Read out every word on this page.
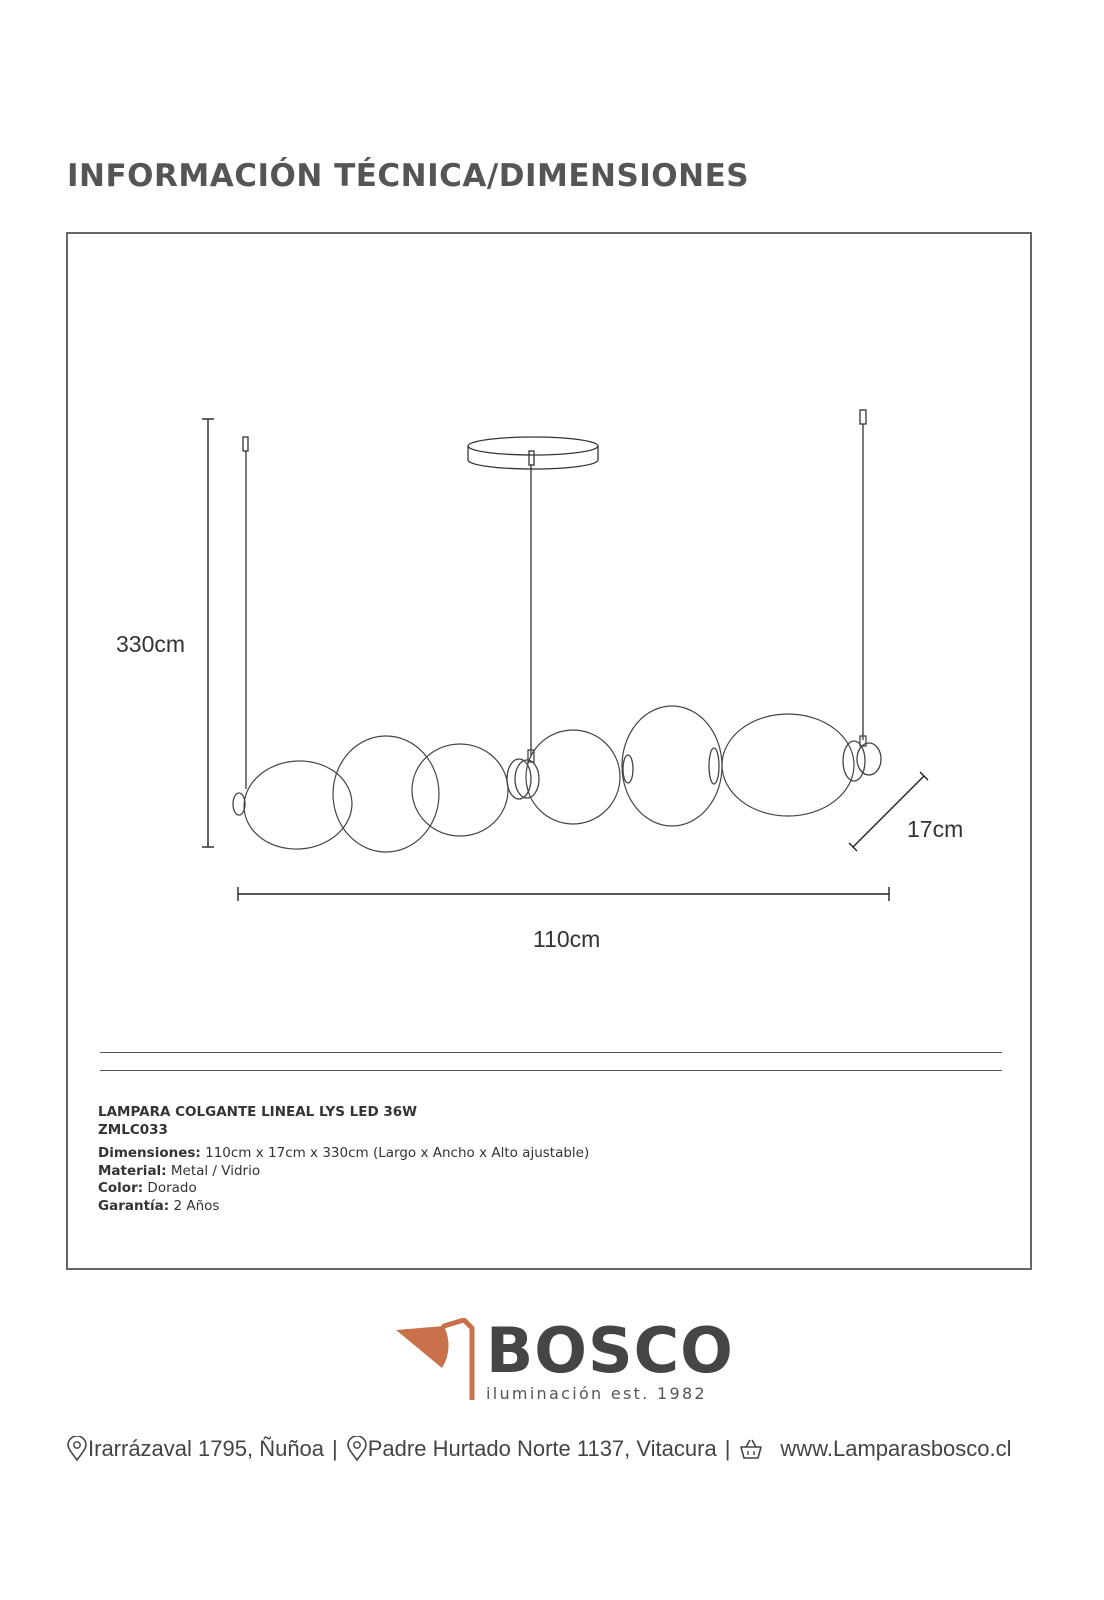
INFORMACIÓN TÉCNICA/DIMENSIONES
330cm
17cm
110cm
LAMPARA COLGANTE LINEAL LYS LED 36W
ZMLC033
Dimensiones: 110cm x 17cm x 330cm (Largo x Ancho x Alto ajustable)
Material: Metal / Vidrio
Color: Dorado
Garantía: 2 Años
BOSCO
iluminación est. 1982
Irarrázaval 1795, Ñuñoa | Padre Hurtado Norte 1137, Vitacura | www.Lamparasbosco.cl
